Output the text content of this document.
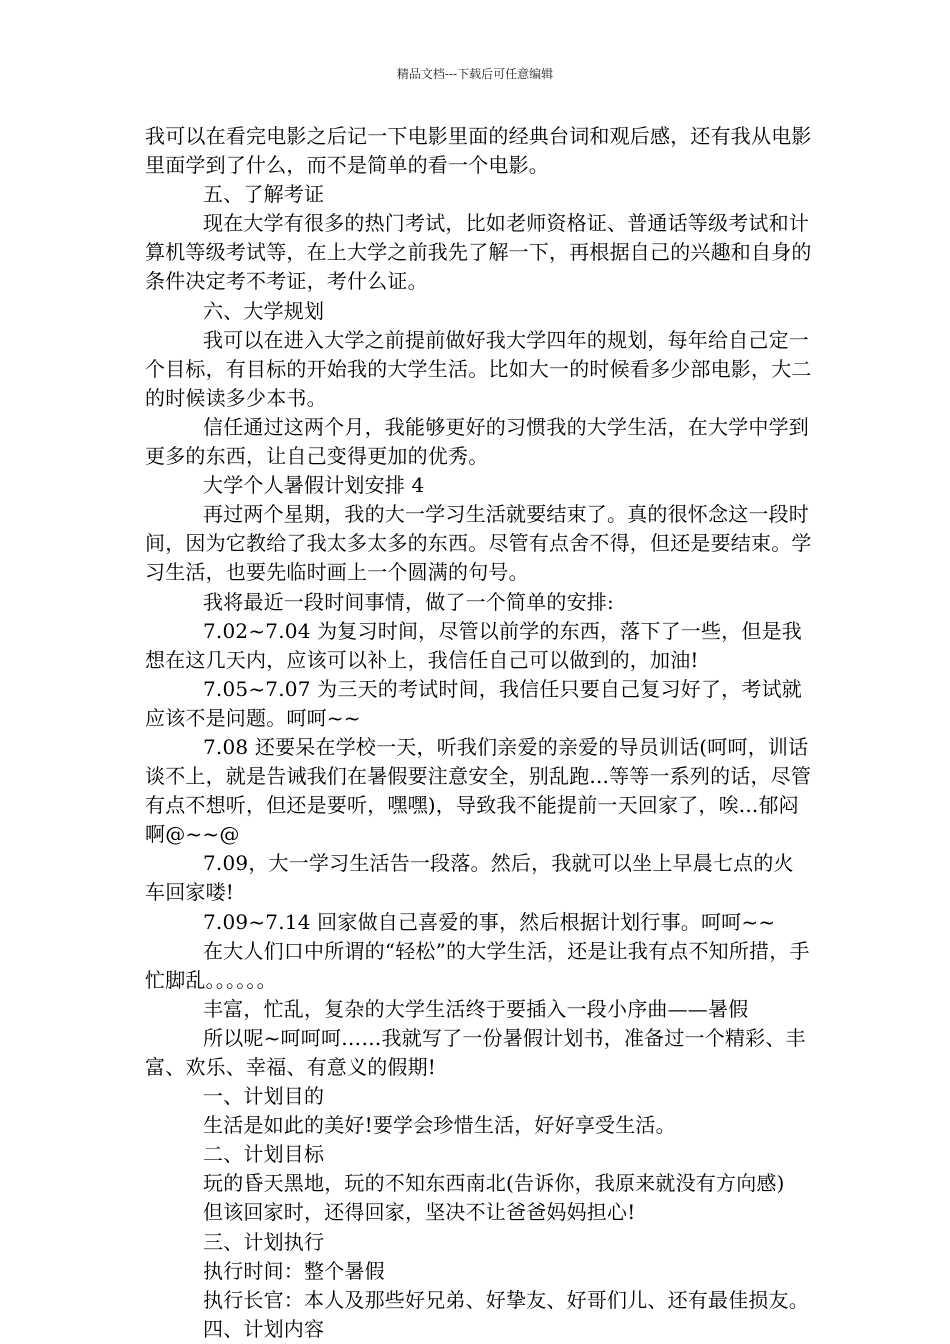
精品文档---下载后可任意编辑

我可以在看完电影之后记一下电影里面的经典台词和观后感，还有我从电影里面学到了什么，而不是简单的看一个电影。

五、了解考证

现在大学有很多的热门考试，比如老师资格证、普通话等级考试和计算机等级考试等，在上大学之前我先了解一下，再根据自己的兴趣和自身的条件决定考不考证，考什么证。

六、大学规划

我可以在进入大学之前提前做好我大学四年的规划，每年给自己定一个目标，有目标的开始我的大学生活。比如大一的时候看多少部电影，大二的时候读多少本书。

信任通过这两个月，我能够更好的习惯我的大学生活，在大学中学到更多的东西，让自己变得更加的优秀。

大学个人暑假计划安排 4

再过两个星期，我的大一学习生活就要结束了。真的很怀念这一段时间，因为它教给了我太多太多的东西。尽管有点舍不得，但还是要结束。学习生活，也要先临时画上一个圆满的句号。

我将最近一段时间事情，做了一个简单的安排:

7.02~7.04 为复习时间，尽管以前学的东西，落下了一些，但是我想在这几天内，应该可以补上，我信任自己可以做到的，加油!

7.05~7.07 为三天的考试时间，我信任只要自己复习好了，考试就应该不是问题。呵呵~~

7.08 还要呆在学校一天，听我们亲爱的亲爱的导员训话(呵呵，训话谈不上，就是告诫我们在暑假要注意安全，别乱跑...等等一系列的话，尽管有点不想听，但还是要听，嘿嘿)，导致我不能提前一天回家了，唉...郁闷啊@~~@

7.09，大一学习生活告一段落。然后，我就可以坐上早晨七点的火车回家喽!

7.09~7.14 回家做自己喜爱的事，然后根据计划行事。呵呵~~

在大人们口中所谓的“轻松”的大学生活，还是让我有点不知所措，手忙脚乱。。。。。。

丰富，忙乱，复杂的大学生活终于要插入一段小序曲——暑假

所以呢~呵呵呵……我就写了一份暑假计划书，准备过一个精彩、丰富、欢乐、幸福、有意义的假期!

一、计划目的

生活是如此的美好!要学会珍惜生活，好好享受生活。

二、计划目标

玩的昏天黑地，玩的不知东西南北(告诉你，我原来就没有方向感)

但该回家时，还得回家，坚决不让爸爸妈妈担心!

三、计划执行

执行时间：整个暑假

执行长官：本人及那些好兄弟、好挚友、好哥们儿、还有最佳损友。

四、计划内容
